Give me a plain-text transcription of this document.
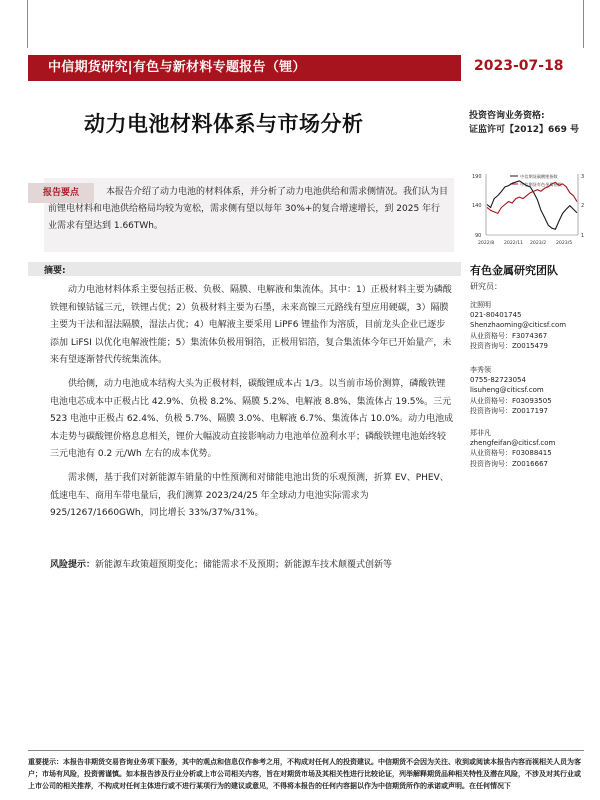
中信期货研究|有色与新材料专题报告（锂）	2023-07-18
动力电池材料体系与市场分析	投资咨询业务资格:
证监许可【2012】669 号
报告要点	本报告介绍了动力电池的材料体系，并分析了动力电池供给和需求侧情况。我们认为目前锂电材料和电池供给格局均较为宽松，需求侧有望以每年 30%+的复合增速增长，到 2025 年行业需求有望达到 1.66TWh。
中信期货碳酸锂指数
中信期货有色金属指数
190
140
90
3
2
1
2022/8 2022/11 2023/2 2023/5
摘要:
动力电池材料体系主要包括正极、负极、隔膜、电解液和集流体。其中：1）正极材料主要为磷酸铁锂和镍钴锰三元，铁锂占优；2）负极材料主要为石墨，未来高镍三元路线有望应用硬碳，3）隔膜主要为干法和湿法隔膜，湿法占优；4）电解液主要采用 LiPF6 锂盐作为溶质，目前龙头企业已逐步添加 LiFSI 以优化电解液性能；5）集流体负极用铜箔，正极用铝箔，复合集流体今年已开始量产，未来有望逐渐替代传统集流体。
供给侧，动力电池成本结构大头为正极材料，碳酸锂成本占 1/3。以当前市场价测算，磷酸铁锂电池电芯成本中正极占比 42.9%、负极 8.2%、隔膜 5.2%、电解液 8.8%、集流体占 19.5%。三元 523 电池中正极占 62.4%、负极 5.7%、隔膜 3.0%、电解液 6.7%、集流体占 10.0%。动力电池成本走势与碳酸锂价格息息相关，锂价大幅波动直接影响动力电池单位盈利水平；磷酸铁锂电池始终较三元电池有 0.2 元/Wh 左右的成本优势。
需求侧，基于我们对新能源车销量的中性预测和对储能电池出货的乐观预测，折算 EV、PHEV、低速电车、商用车带电量后，我们测算 2023/24/25 年全球动力电池实际需求为 925/1267/1660GWh，同比增长 33%/37%/31%。
风险提示：新能源车政策超预期变化；储能需求不及预期；新能源车技术颠覆式创新等
有色金属研究团队
研究员：
沈照明
021-80401745
Shenzhaoming@citicsf.com
从业资格号：F3074367
投资咨询号：Z0015479
李秀领
0755-82723054
lisuheng@citicsf.com
从业资格号：F03093505
投资咨询号：Z0017197
郑非凡
zhengfeifan@citicsf.com
从业资格号：F03088415
投资咨询号：Z0016667
重要提示：本报告非期货交易咨询业务项下服务，其中的观点和信息仅作参考之用，不构成对任何人的投资建议。中信期货不会因为关注、收到或阅读本报告内容而视相关人员为客户；市场有风险，投资需谨慎。如本报告涉及行业分析或上市公司相关内容，旨在对期货市场及其相关性进行比较论证，列举解释期货品种相关特性及潜在风险，不涉及对其行业或上市公司的相关推荐，不构成对任何主体进行或不进行某项行为的建议或意见，不得将本报告的任何内容据以作为中信期货所作的承诺或声明。在任何情况下
